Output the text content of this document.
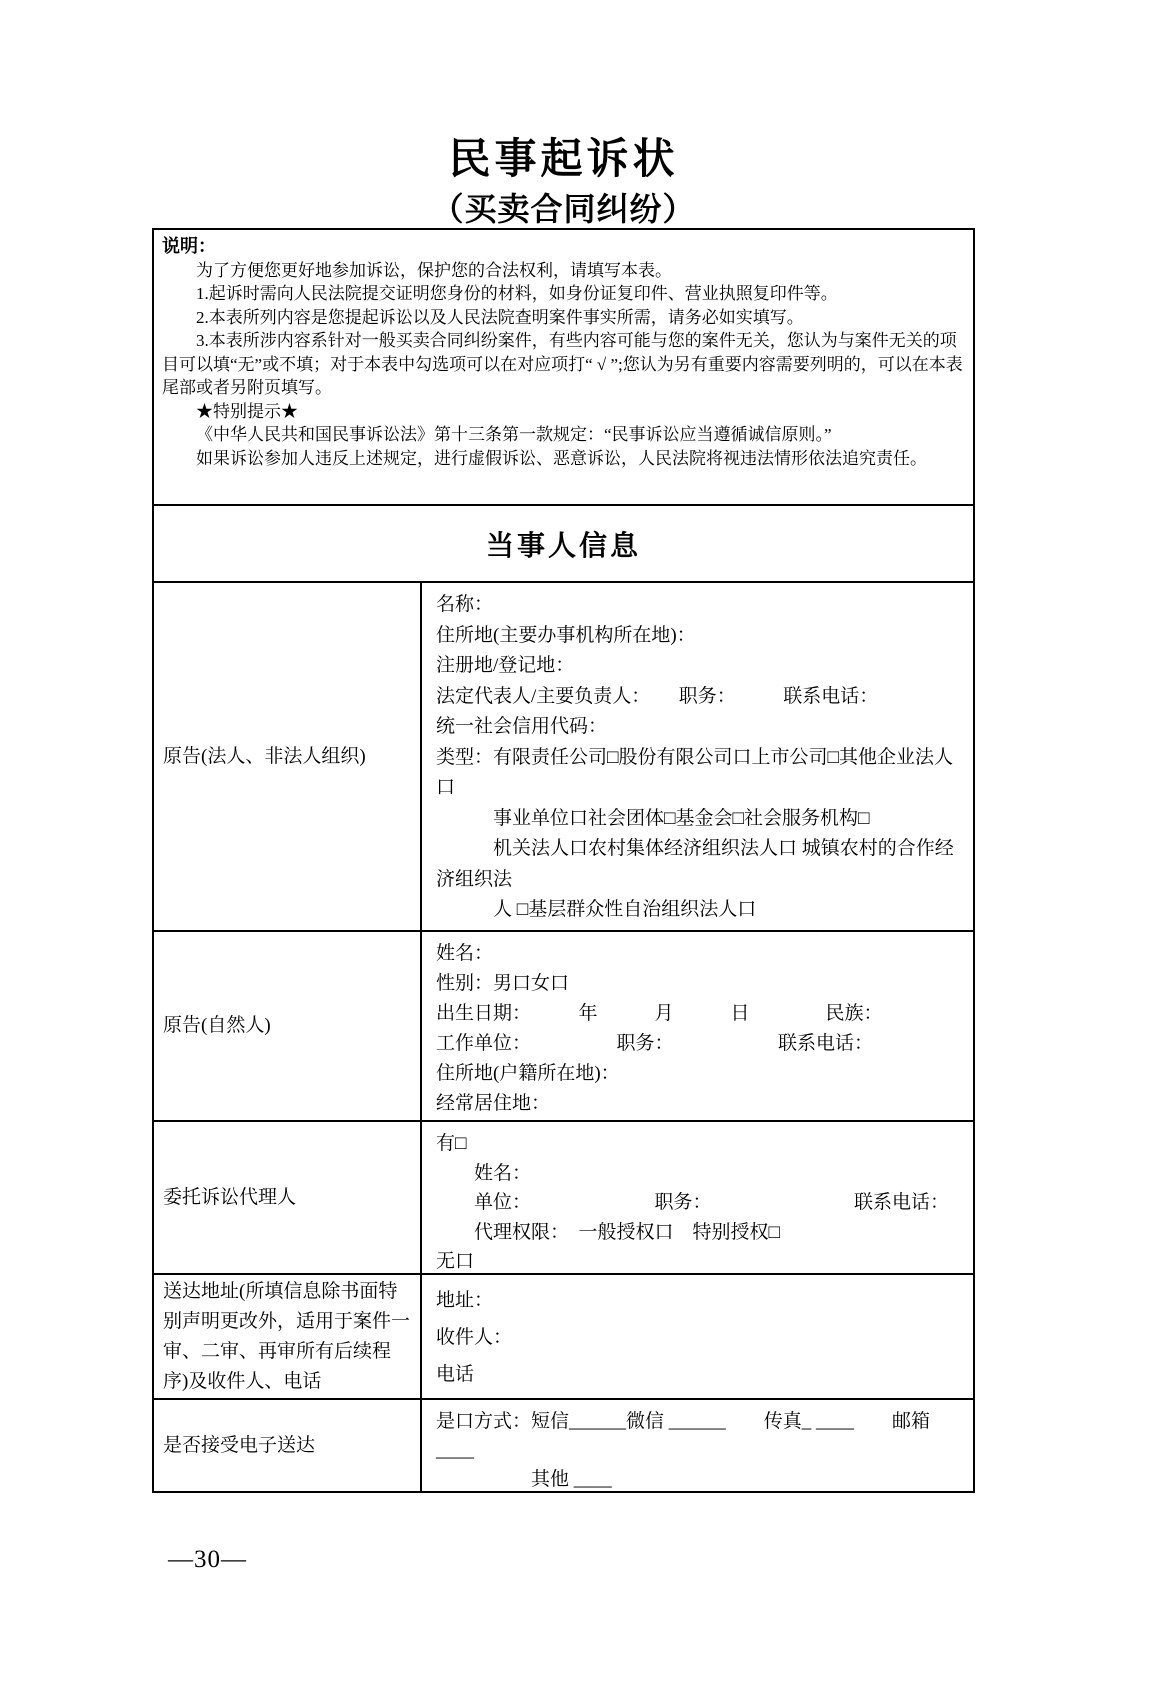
民事起诉状
（买卖合同纠纷）
说明：
为了方便您更好地参加诉讼，保护您的合法权利，请填写本表。
1.起诉时需向人民法院提交证明您身份的材料，如身份证复印件、营业执照复印件等。
2.本表所列内容是您提起诉讼以及人民法院查明案件事实所需，请务必如实填写。
3.本表所涉内容系针对一般买卖合同纠纷案件，有些内容可能与您的案件无关，您认为与案件无关的项目可以填“无”或不填；对于本表中勾选项可以在对应项打“ √ ”;您认为另有重要内容需要列明的，可以在本表尾部或者另附页填写。
★特别提示★
《中华人民共和国民事诉讼法》第十三条第一款规定：“民事诉讼应当遵循诚信原则。”
如果诉讼参加人违反上述规定，进行虚假诉讼、恶意诉讼，人民法院将视违法情形依法追究责任。
当事人信息
原告(法人、非法人组织)
名称：
住所地(主要办事机构所在地)：
注册地/登记地：
法定代表人/主要负责人：　　职务：　　　联系电话：
统一社会信用代码：
类型：有限责任公司□股份有限公司口上市公司□其他企业法人口
　　　事业单位口社会团体□基金会□社会服务机构□
　　　机关法人口农村集体经济组织法人口 城镇农村的合作经济组织法
　　　人 □基层群众性自治组织法人口
原告(自然人)
姓名：
性别：男口女口
出生日期：　　　年　　　月　　　日　　　　民族：
工作单位：　　　　　职务：　　　　　　联系电话：
住所地(户籍所在地)：
经常居住地：
委托诉讼代理人
有□
　　姓名：
　　单位：　　　　　　　职务：　　　　　　　　联系电话：
　　代理权限：　一般授权口　特别授权□
无口
送达地址(所填信息除书面特别声明更改外，适用于案件一审、二审、再审所有后续程序)及收件人、电话
地址：
收件人：
电话
是否接受电子送达
是口方式：短信______微信 ______　　传真_ ____　　邮箱 ____
　　　　　其他 ____
—30—
